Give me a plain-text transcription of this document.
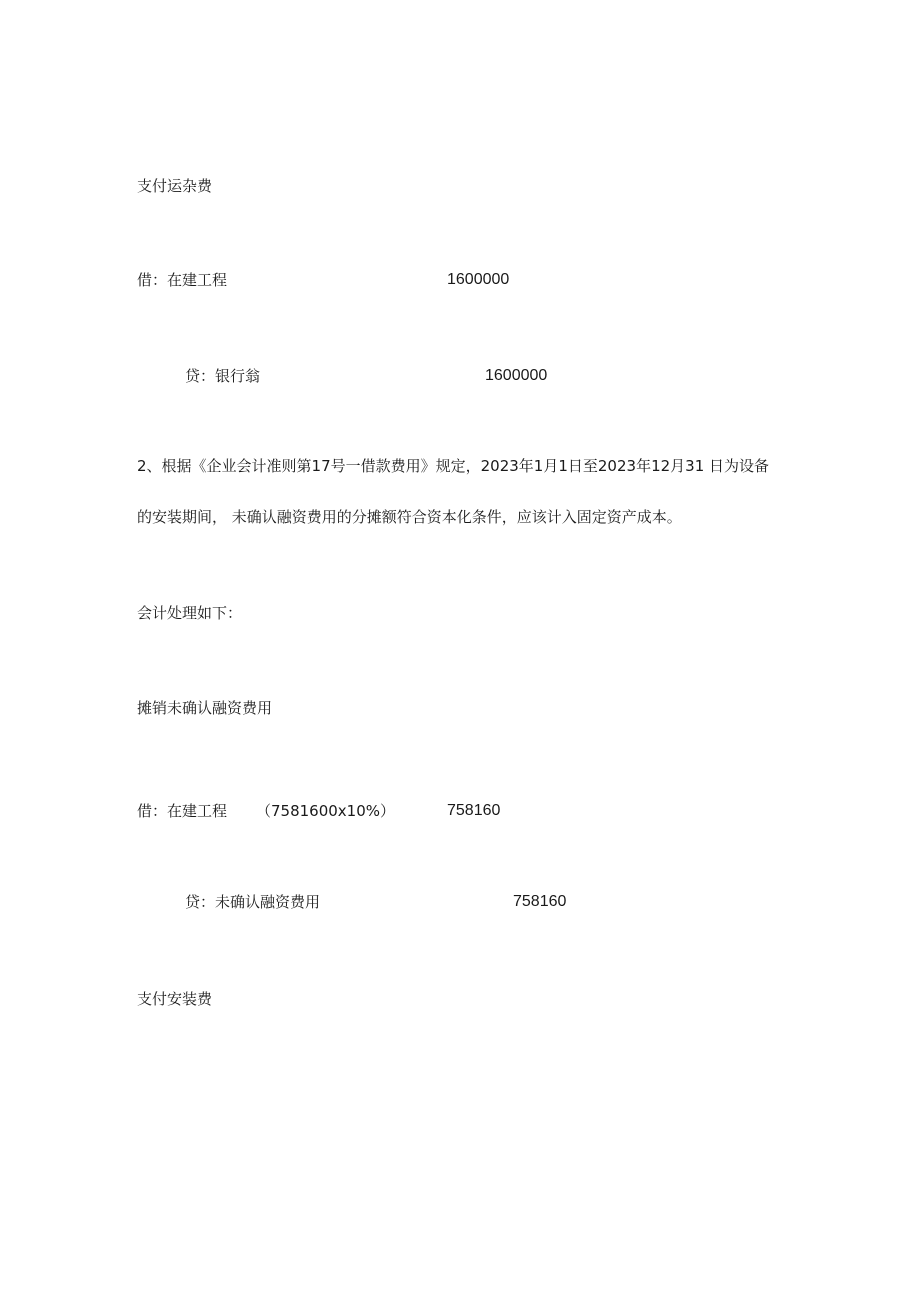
支付运杂费
借：在建工程	1600000
贷：银行翁	1600000
2、根据《企业会计准则第17号一借款费用》规定，2023年1月1日至2023年12月31 日为设备
的安装期间， 未确认融资费用的分摊额符合资本化条件，应该计入固定资产成本。
会计处理如下：
摊销未确认融资费用
借：在建工程 （7581600x10%）	758160
贷：未确认融资费用	758160
支付安装费
